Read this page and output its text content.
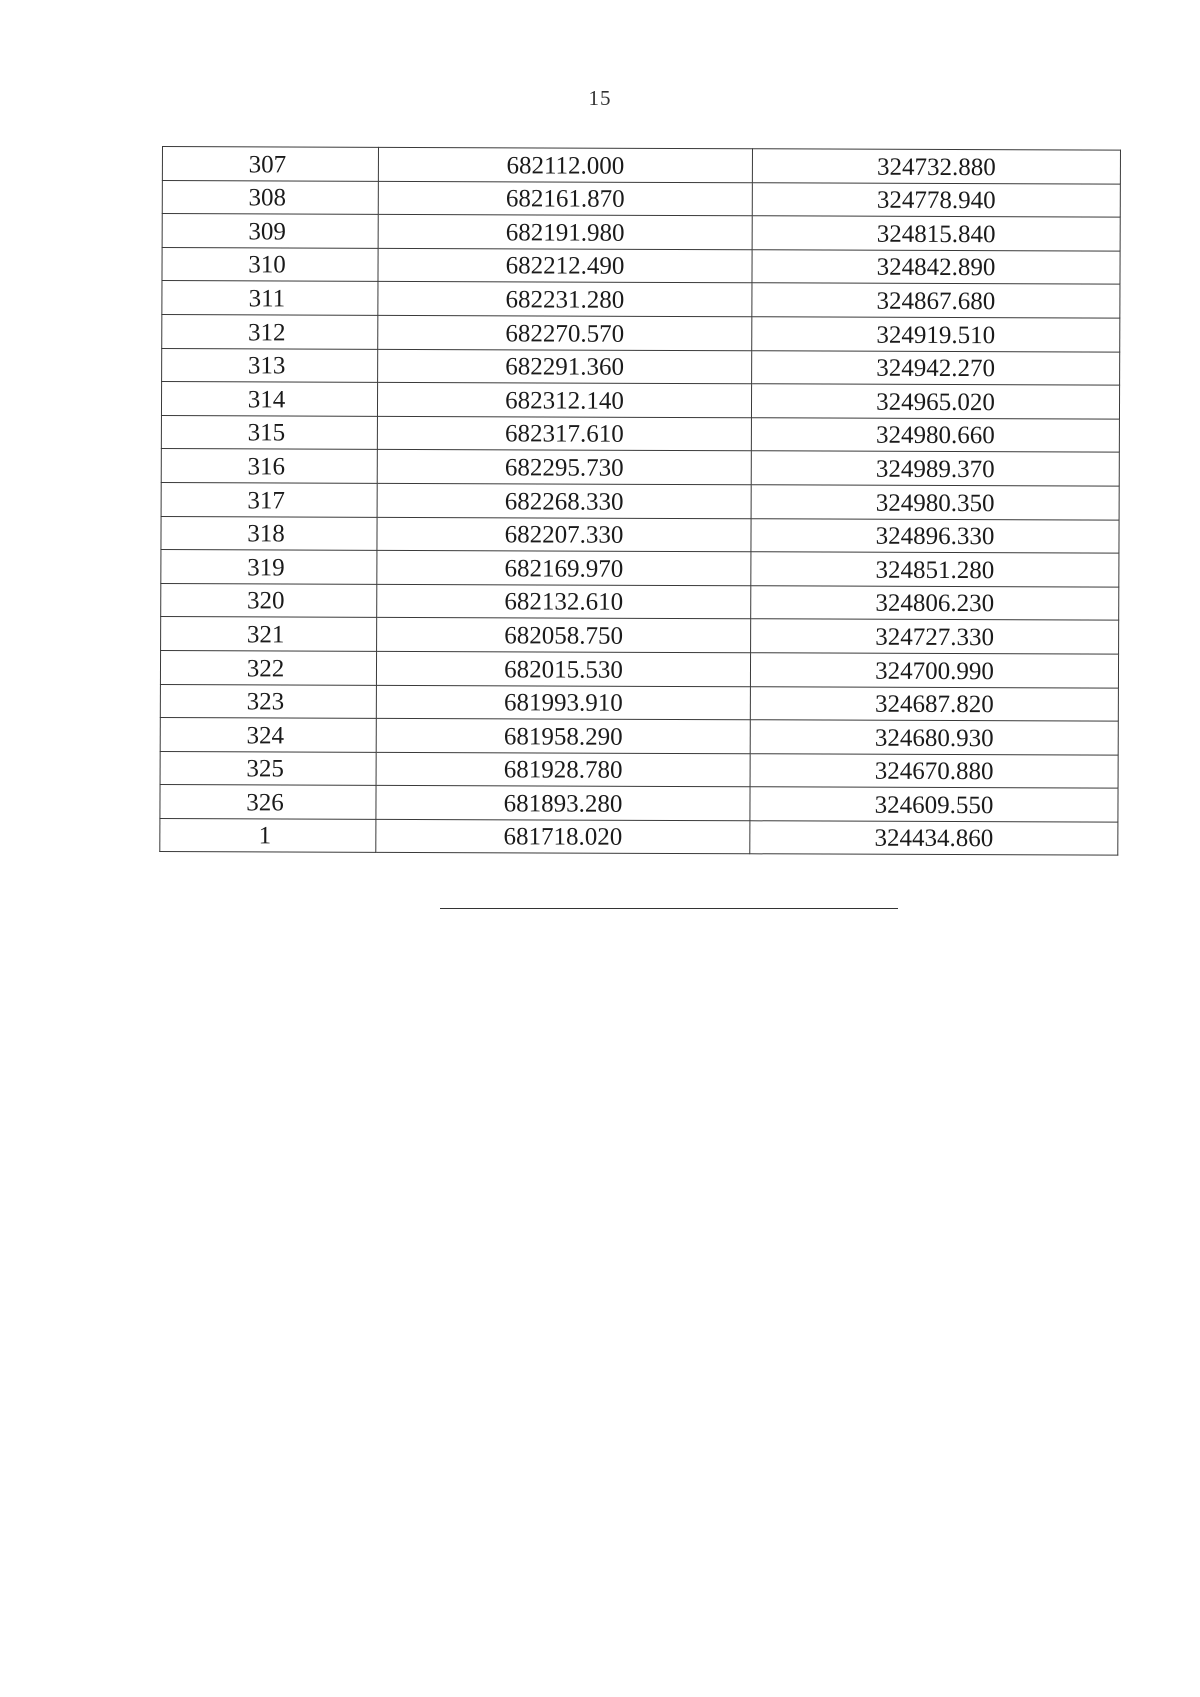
15
307	682112.000	324732.880
308	682161.870	324778.940
309	682191.980	324815.840
310	682212.490	324842.890
311	682231.280	324867.680
312	682270.570	324919.510
313	682291.360	324942.270
314	682312.140	324965.020
315	682317.610	324980.660
316	682295.730	324989.370
317	682268.330	324980.350
318	682207.330	324896.330
319	682169.970	324851.280
320	682132.610	324806.230
321	682058.750	324727.330
322	682015.530	324700.990
323	681993.910	324687.820
324	681958.290	324680.930
325	681928.780	324670.880
326	681893.280	324609.550
1	681718.020	324434.860
